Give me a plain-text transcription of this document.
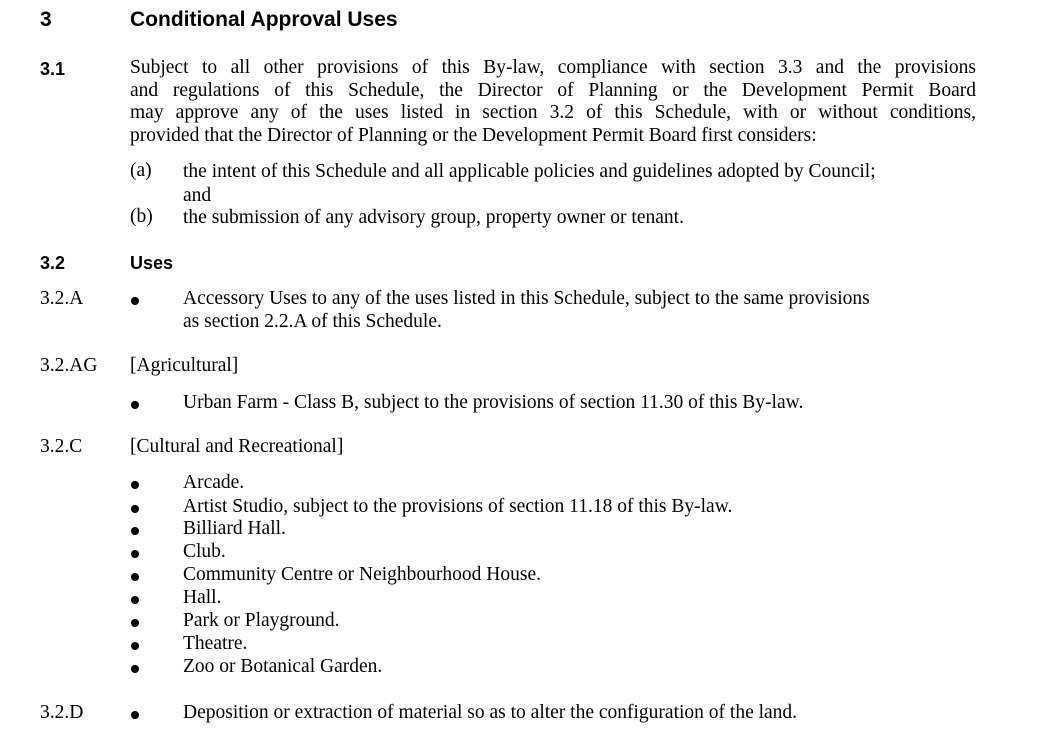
3	Conditional Approval Uses
3.1	Subject to all other provisions of this By-law, compliance with section 3.3 and the provisions
and regulations of this Schedule, the Director of Planning or the Development Permit Board
may approve any of the uses listed in section 3.2 of this Schedule, with or without conditions,
provided that the Director of Planning or the Development Permit Board first considers:
(a) the intent of this Schedule and all applicable policies and guidelines adopted by Council;
and
(b) the submission of any advisory group, property owner or tenant.
3.2	Uses
3.2.A	Accessory Uses to any of the uses listed in this Schedule, subject to the same provisions
as section 2.2.A of this Schedule.
3.2.AG [Agricultural]
Urban Farm - Class B, subject to the provisions of section 11.30 of this By-law.
3.2.C [Cultural and Recreational]
Arcade.
Artist Studio, subject to the provisions of section 11.18 of this By-law.
Billiard Hall.
Club.
Community Centre or Neighbourhood House.
Hall.
Park or Playground.
Theatre.
Zoo or Botanical Garden.
3.2.D	Deposition or extraction of material so as to alter the configuration of the land.
